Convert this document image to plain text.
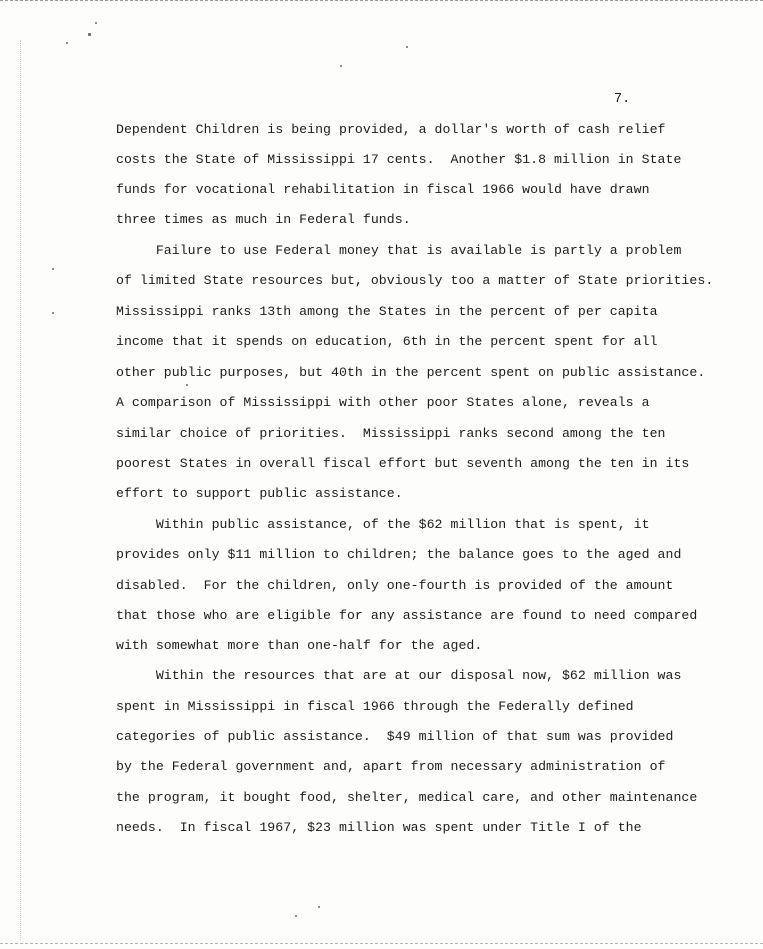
7.
Dependent Children is being provided, a dollar's worth of cash relief
costs the State of Mississippi 17 cents.  Another $1.8 million in State
funds for vocational rehabilitation in fiscal 1966 would have drawn
three times as much in Federal funds.
Failure to use Federal money that is available is partly a problem
of limited State resources but, obviously too a matter of State priorities.
Mississippi ranks 13th among the States in the percent of per capita
income that it spends on education, 6th in the percent spent for all
other public purposes, but 40th in the percent spent on public assistance.
A comparison of Mississippi with other poor States alone, reveals a
similar choice of priorities.  Mississippi ranks second among the ten
poorest States in overall fiscal effort but seventh among the ten in its
effort to support public assistance.
Within public assistance, of the $62 million that is spent, it
provides only $11 million to children; the balance goes to the aged and
disabled.  For the children, only one-fourth is provided of the amount
that those who are eligible for any assistance are found to need compared
with somewhat more than one-half for the aged.
Within the resources that are at our disposal now, $62 million was
spent in Mississippi in fiscal 1966 through the Federally defined
categories of public assistance.  $49 million of that sum was provided
by the Federal government and, apart from necessary administration of
the program, it bought food, shelter, medical care, and other maintenance
needs.  In fiscal 1967, $23 million was spent under Title I of the
